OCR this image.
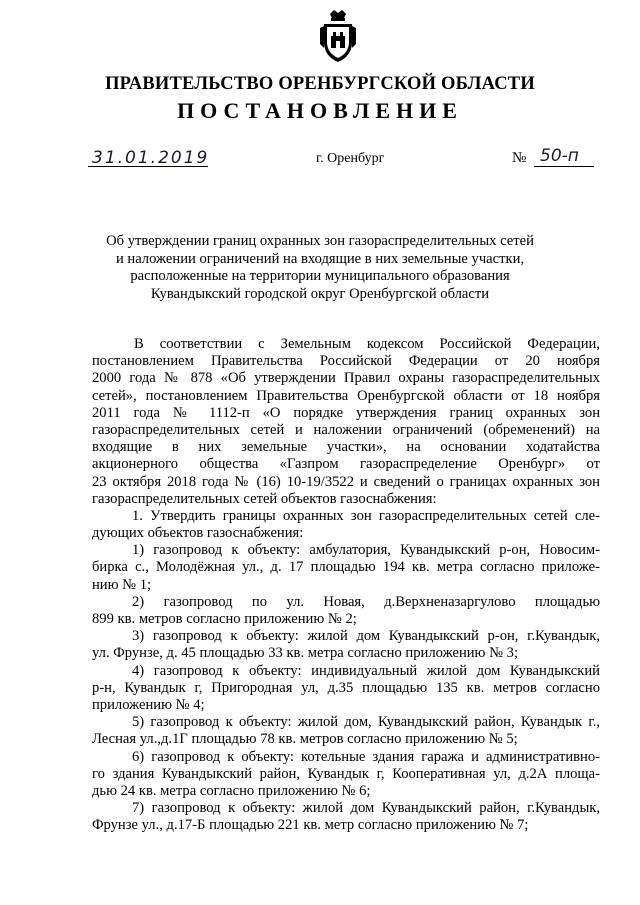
ПРАВИТЕЛЬСТВО ОРЕНБУРГСКОЙ ОБЛАСТИ
ПОСТАНОВЛЕНИЕ
31.01.2019	г. Оренбург	№ 50-п
Об утверждении границ охранных зон газораспределительных сетей
и наложении ограничений на входящие в них земельные участки,
расположенные на территории муниципального образования
Кувандыкский городской округ Оренбургской области
В соответствии с Земельным кодексом Российской Федерации,
постановлением Правительства Российской Федерации от 20 ноября
2000 года № 878 «Об утверждении Правил охраны газораспределительных
сетей», постановлением Правительства Оренбургской области от 18 ноября
2011 года № 1112-п «О порядке утверждения границ охранных зон
газораспределительных сетей и наложении ограничений (обременений) на
входящие в них земельные участки», на основании ходатайства
акционерного общества «Газпром газораспределение Оренбург» от
23 октября 2018 года № (16) 10-19/3522 и сведений о границах охранных зон
газораспределительных сетей объектов газоснабжения:
1. Утвердить границы охранных зон газораспределительных сетей сле-
дующих объектов газоснабжения:
1) газопровод к объекту: амбулатория, Кувандыкский р-он, Новосим-
бирка с., Молодёжная ул., д. 17 площадью 194 кв. метра согласно приложе-
нию № 1;
2) газопровод по ул. Новая, д.Верхненазаргулово площадью
899 кв. метров согласно приложению № 2;
3) газопровод к объекту: жилой дом Кувандыкский р-он, г.Кувандык,
ул. Фрунзе, д. 45 площадью 33 кв. метра согласно приложению № 3;
4) газопровод к объекту: индивидуальный жилой дом Кувандыкский
р-н, Кувандык г, Пригородная ул, д.35 площадью 135 кв. метров согласно
приложению № 4;
5) газопровод к объекту: жилой дом, Кувандыкский район, Кувандык г.,
Лесная ул.,д.1Г площадью 78 кв. метров согласно приложению № 5;
6) газопровод к объекту: котельные здания гаража и административно-
го здания Кувандыкский район, Кувандык г, Кооперативная ул, д.2А площа-
дью 24 кв. метра согласно приложению № 6;
7) газопровод к объекту: жилой дом Кувандыкский район, г.Кувандык,
Фрунзе ул., д.17-Б площадью 221 кв. метр согласно приложению № 7;
